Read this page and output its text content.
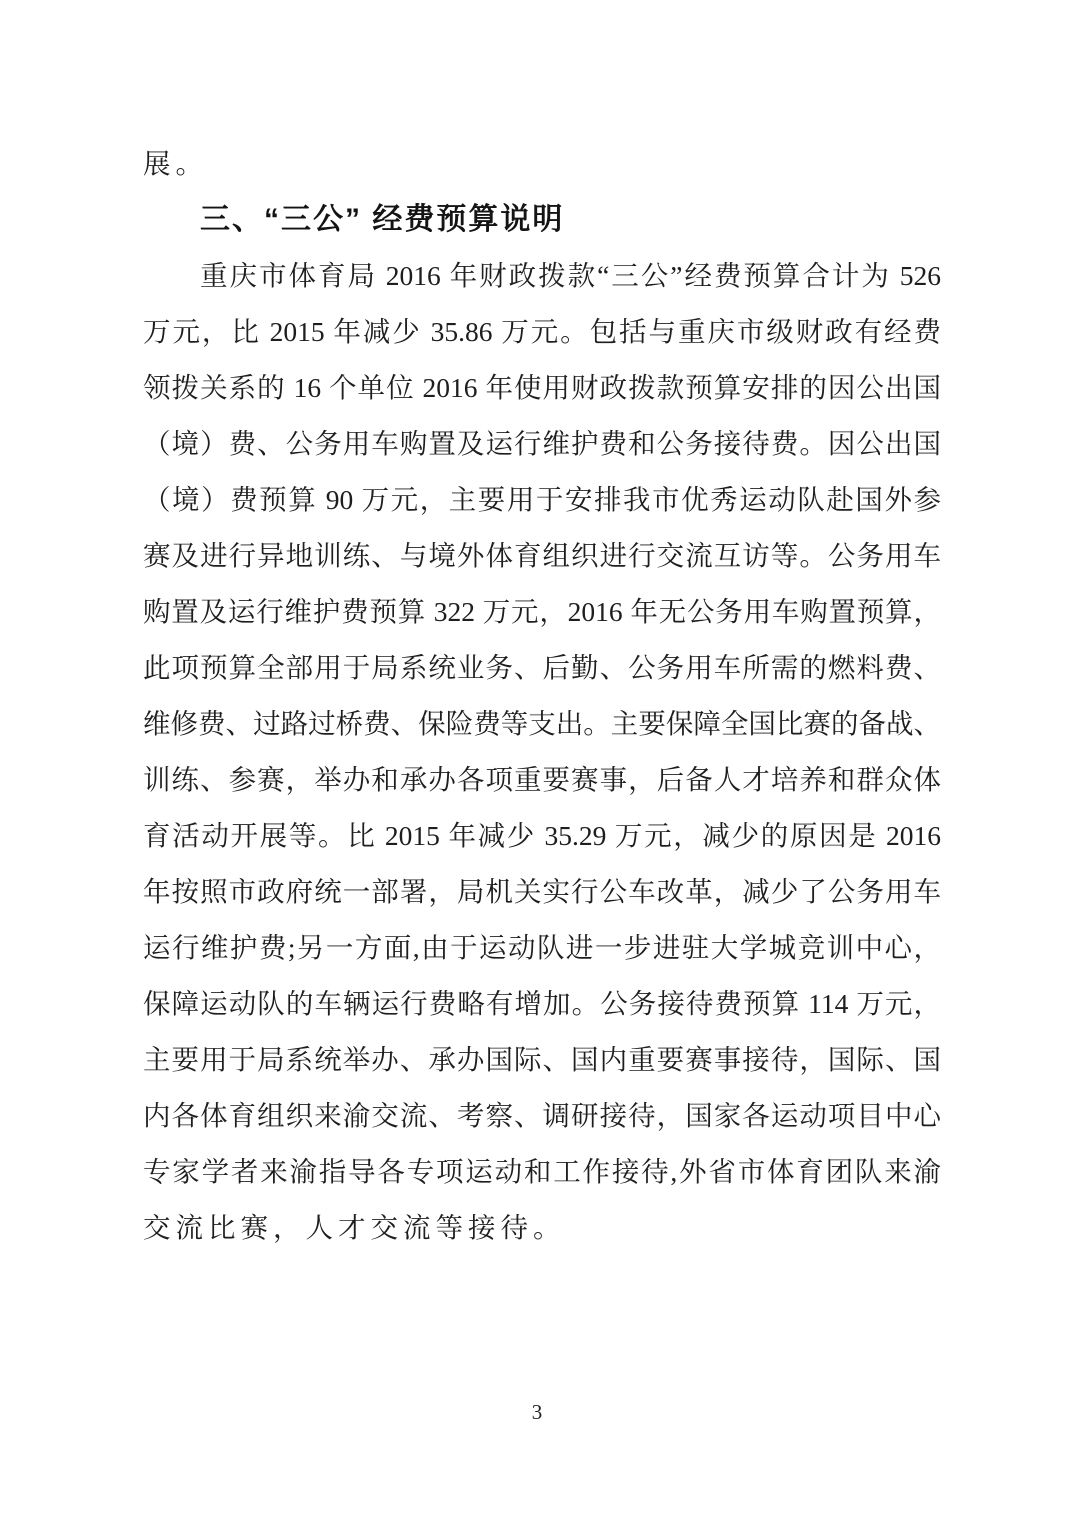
展。
三、“三公” 经费预算说明
重庆市体育局 2016 年财政拨款“三公”经费预算合计为 526
万元，比 2015 年减少 35.86 万元。包括与重庆市级财政有经费
领拨关系的 16 个单位 2016 年使用财政拨款预算安排的因公出国
（境）费、公务用车购置及运行维护费和公务接待费。因公出国
（境）费预算 90 万元，主要用于安排我市优秀运动队赴国外参
赛及进行异地训练、与境外体育组织进行交流互访等。公务用车
购置及运行维护费预算 322 万元，2016 年无公务用车购置预算，
此项预算全部用于局系统业务、后勤、公务用车所需的燃料费、
维修费、过路过桥费、保险费等支出。主要保障全国比赛的备战、
训练、参赛，举办和承办各项重要赛事，后备人才培养和群众体
育活动开展等。比 2015 年减少 35.29 万元，减少的原因是 2016
年按照市政府统一部署，局机关实行公车改革，减少了公务用车
运行维护费;另一方面,由于运动队进一步进驻大学城竞训中心，
保障运动队的车辆运行费略有增加。公务接待费预算 114 万元，
主要用于局系统举办、承办国际、国内重要赛事接待，国际、国
内各体育组织来渝交流、考察、调研接待，国家各运动项目中心
专家学者来渝指导各专项运动和工作接待,外省市体育团队来渝
交流比赛，人才交流等接待。
3
